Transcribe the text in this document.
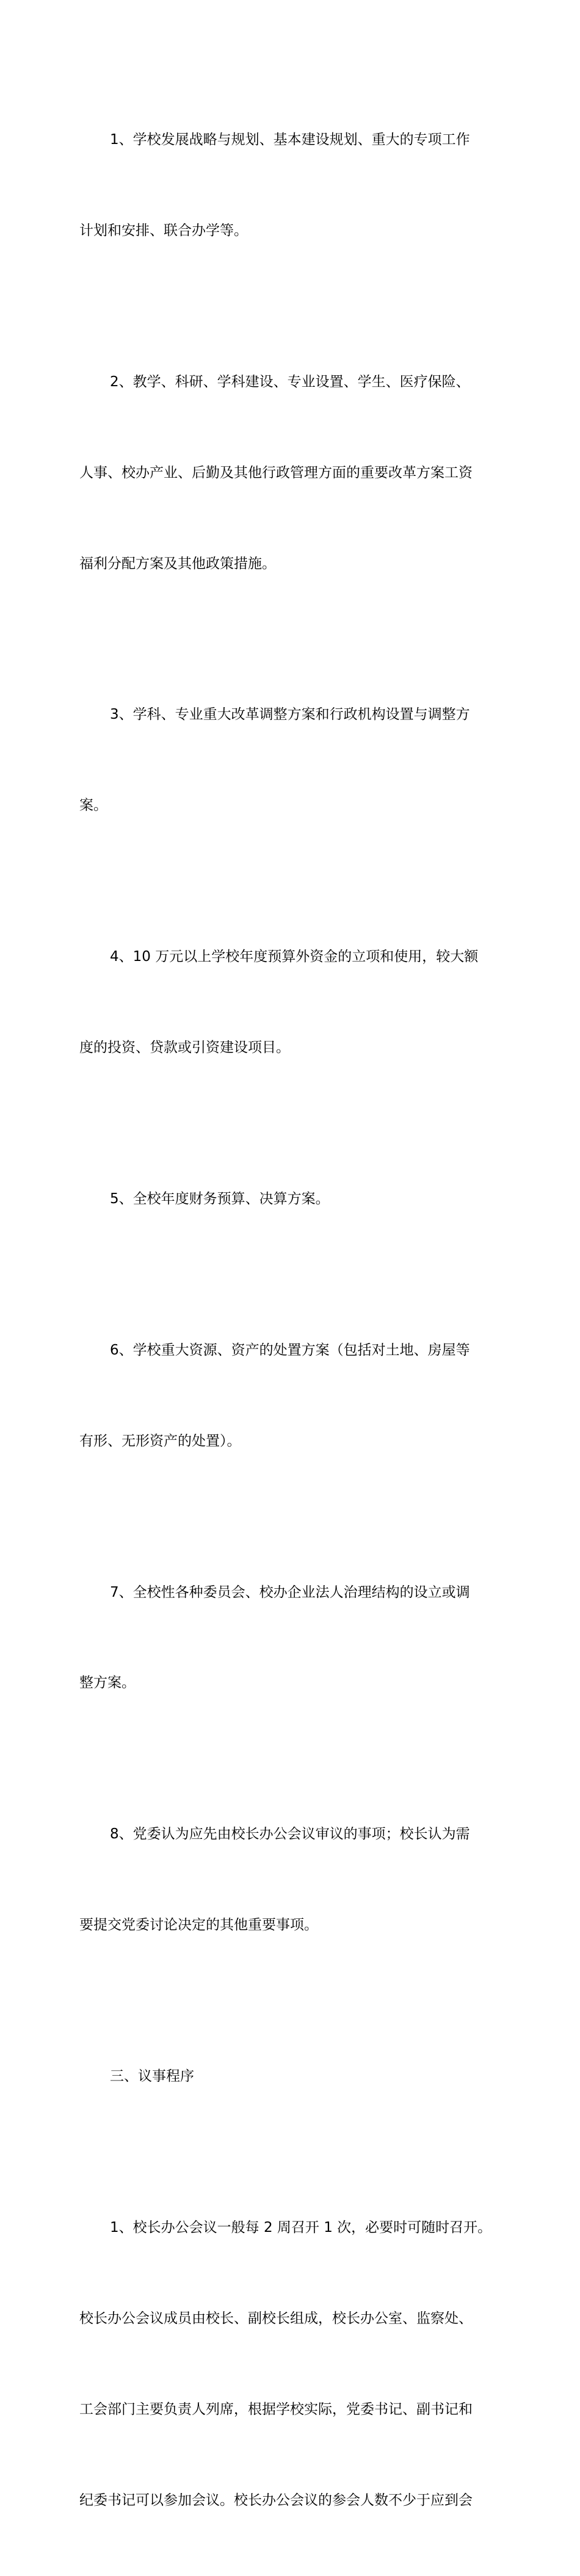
1、学校发展战略与规划、基本建设规划、重大的专项工作

计划和安排、联合办学等。

2、教学、科研、学科建设、专业设置、学生、医疗保险、

人事、校办产业、后勤及其他行政管理方面的重要改革方案工资

福利分配方案及其他政策措施。

3、学科、专业重大改革调整方案和行政机构设置与调整方

案。

4、10 万元以上学校年度预算外资金的立项和使用，较大额

度的投资、贷款或引资建设项目。

5、全校年度财务预算、决算方案。

6、学校重大资源、资产的处置方案（包括对土地、房屋等

有形、无形资产的处置）。

7、全校性各种委员会、校办企业法人治理结构的设立或调

整方案。

8、党委认为应先由校长办公会议审议的事项；校长认为需

要提交党委讨论决定的其他重要事项。

三、议事程序

1、校长办公会议一般每 2 周召开 1 次，必要时可随时召开。

校长办公会议成员由校长、副校长组成，校长办公室、监察处、

工会部门主要负责人列席，根据学校实际，党委书记、副书记和

纪委书记可以参加会议。校长办公会议的参会人数不少于应到会
